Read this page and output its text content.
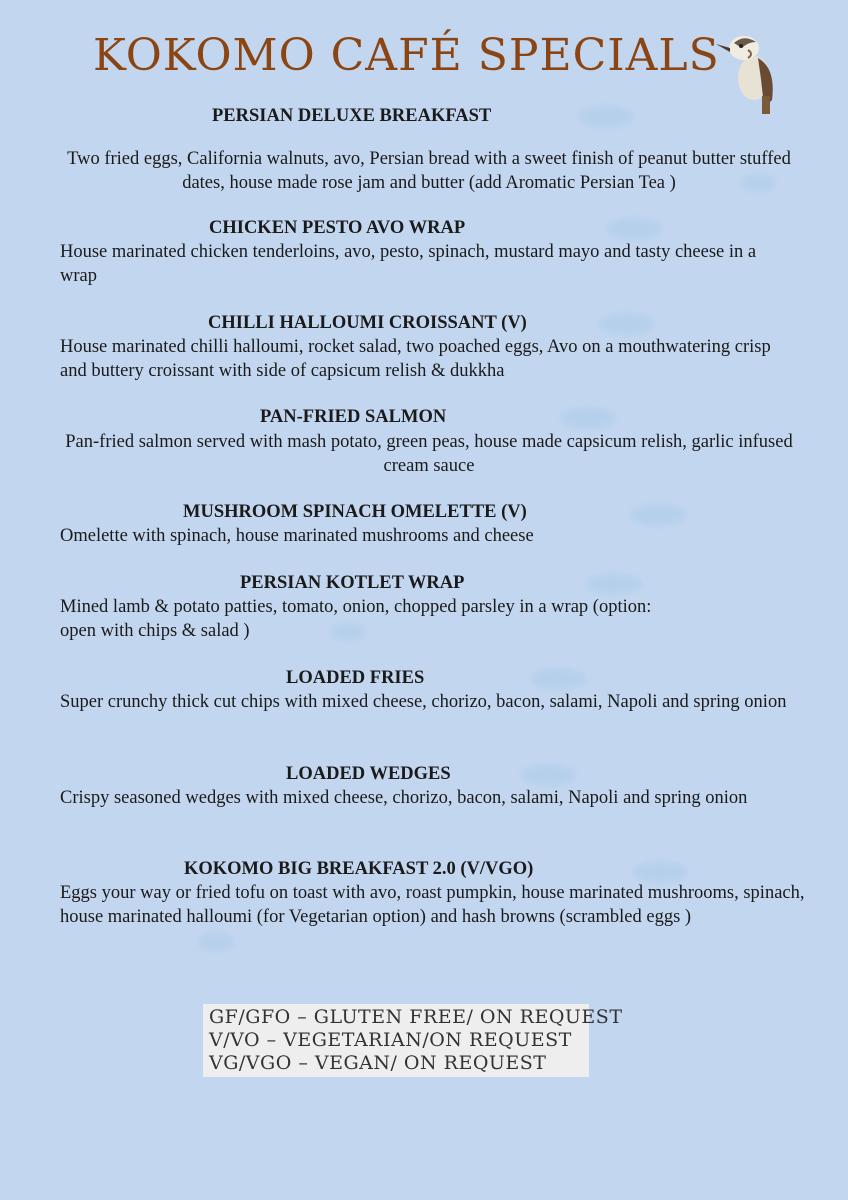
KOKOMO CAFÉ SPECIALS
PERSIAN DELUXE BREAKFAST

Two fried eggs, California walnuts, avo, Persian bread with a sweet finish of peanut butter stuffed dates, house made rose jam and butter (add Aromatic Persian Tea )

CHICKEN PESTO AVO WRAP

House marinated chicken tenderloins, avo, pesto, spinach, mustard mayo and tasty cheese in a wrap

CHILLI HALLOUMI CROISSANT (V)

House marinated chilli halloumi, rocket salad, two poached eggs, Avo on a mouthwatering crisp and buttery croissant with side of capsicum relish & dukkha

PAN-FRIED SALMON

Pan-fried salmon served with mash potato, green peas, house made capsicum relish, garlic infused cream sauce

MUSHROOM SPINACH OMELETTE (V)

Omelette with spinach, house marinated mushrooms and cheese

PERSIAN KOTLET WRAP

Mined lamb & potato patties, tomato, onion, chopped parsley in a wrap (option: open with chips & salad )

LOADED FRIES

Super crunchy thick cut chips with mixed cheese, chorizo, bacon, salami, Napoli and spring onion

LOADED WEDGES

Crispy seasoned wedges with mixed cheese, chorizo, bacon, salami, Napoli and spring onion

KOKOMO BIG BREAKFAST 2.0 (V/VGO)

Eggs your way or fried tofu on toast with avo, roast pumpkin, house marinated mushrooms, spinach, house marinated halloumi (for Vegetarian option) and hash browns (scrambled eggs )

GF/GFO – GLUTEN FREE/ ON REQUEST
V/VO – VEGETARIAN/ON REQUEST
VG/VGO – VEGAN/ ON REQUEST
